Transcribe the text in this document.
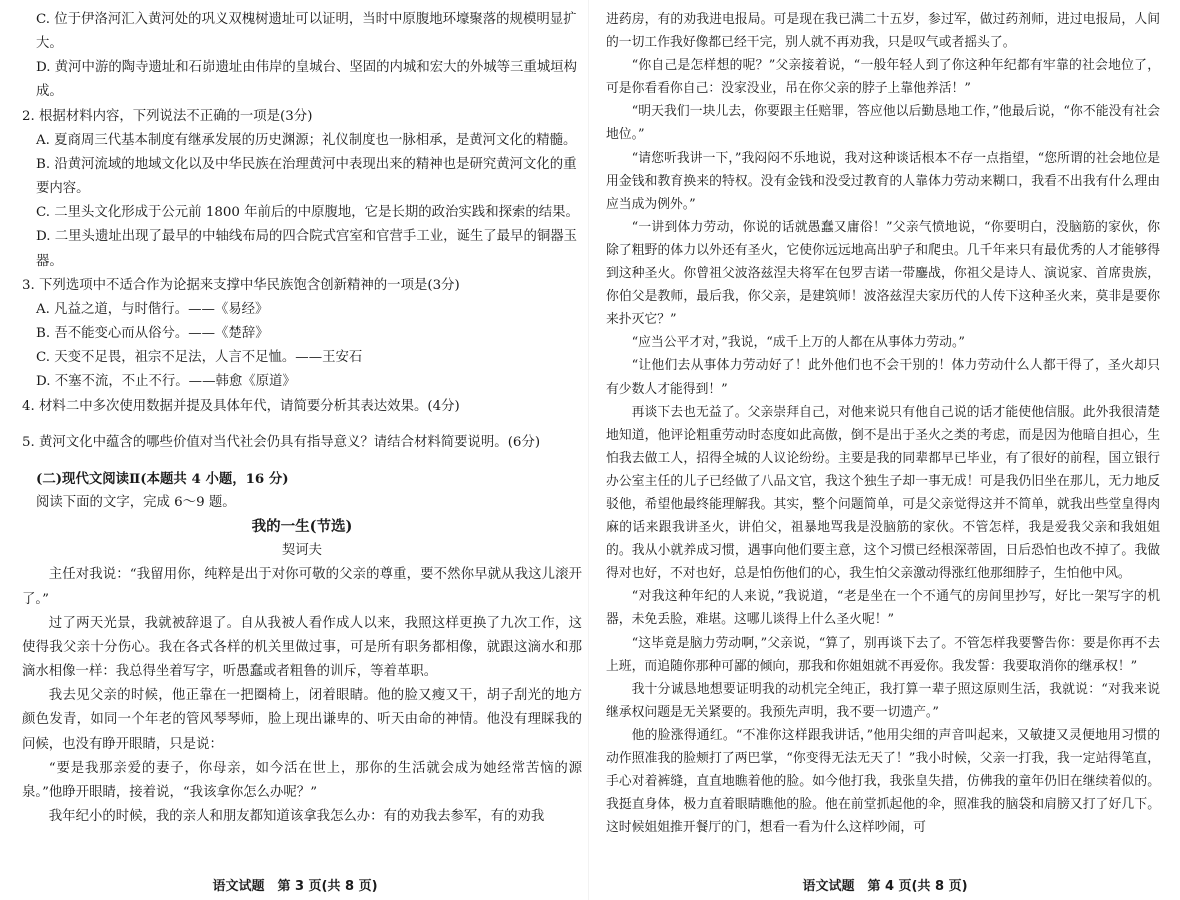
C. 位于伊洛河汇入黄河处的巩义双槐树遗址可以证明，当时中原腹地环壕聚落的规模明显扩大。

D. 黄河中游的陶寺遗址和石峁遗址由伟岸的皇城台、坚固的内城和宏大的外城等三重城垣构成。

2. 根据材料内容，下列说法不正确的一项是(3分)

A. 夏商周三代基本制度有继承发展的历史渊源；礼仪制度也一脉相承，是黄河文化的精髓。

B. 沿黄河流域的地域文化以及中华民族在治理黄河中表现出来的精神也是研究黄河文化的重要内容。

C. 二里头文化形成于公元前 1800 年前后的中原腹地，它是长期的政治实践和探索的结果。

D. 二里头遗址出现了最早的中轴线布局的四合院式宫室和官营手工业，诞生了最早的铜器玉器。

3. 下列选项中不适合作为论据来支撑中华民族饱含创新精神的一项是(3分)

A. 凡益之道，与时偕行。——《易经》

B. 吾不能变心而从俗兮。——《楚辞》

C. 天变不足畏，祖宗不足法，人言不足恤。——王安石

D. 不塞不流，不止不行。——韩愈《原道》

4. 材料二中多次使用数据并提及具体年代，请简要分析其表达效果。(4分)

5. 黄河文化中蕴含的哪些价值对当代社会仍具有指导意义？请结合材料简要说明。(6分)

(二)现代文阅读Ⅱ(本题共 4 小题，16 分)

阅读下面的文字，完成 6～9 题。

我的一生(节选)

契诃夫

主任对我说：“我留用你，纯粹是出于对你可敬的父亲的尊重，要不然你早就从我这儿滚开了。”

过了两天光景，我就被辞退了。自从我被人看作成人以来，我照这样更换了九次工作，这使得我父亲十分伤心。我在各式各样的机关里做过事，可是所有职务都相像，就跟这滴水和那滴水相像一样：我总得坐着写字，听愚蠢或者粗鲁的训斥，等着革职。

我去见父亲的时候，他正靠在一把圈椅上，闭着眼睛。他的脸又瘦又干，胡子刮光的地方颜色发青，如同一个年老的管风琴琴师，脸上现出谦卑的、听天由命的神情。他没有理睬我的问候，也没有睁开眼睛，只是说：

“要是我那亲爱的妻子，你母亲，如今活在世上，那你的生活就会成为她经常苦恼的源泉。”他睁开眼睛，接着说，“我该拿你怎么办呢？”

我年纪小的时候，我的亲人和朋友都知道该拿我怎么办：有的劝我去参军，有的劝我

语文试题　第 3 页(共 8 页)

进药房，有的劝我进电报局。可是现在我已满二十五岁，参过军，做过药剂师，进过电报局，人间的一切工作我好像都已经干完，别人就不再劝我，只是叹气或者摇头了。

“你自己是怎样想的呢？”父亲接着说，“一般年轻人到了你这种年纪都有牢靠的社会地位了，可是你看看你自己：没家没业，吊在你父亲的脖子上靠他养活！”

“明天我们一块儿去，你要跟主任赔罪，答应他以后勤恳地工作，”他最后说，“你不能没有社会地位。”

“请您听我讲一下，”我闷闷不乐地说，我对这种谈话根本不存一点指望，“您所谓的社会地位是用金钱和教育换来的特权。没有金钱和没受过教育的人靠体力劳动来糊口，我看不出我有什么理由应当成为例外。”

“一讲到体力劳动，你说的话就愚蠢又庸俗！”父亲气愤地说，“你要明白，没脑筋的家伙，你除了粗野的体力以外还有圣火，它使你远远地高出驴子和爬虫。几千年来只有最优秀的人才能够得到这种圣火。你曾祖父波洛兹涅夫将军在包罗吉诺一带鏖战，你祖父是诗人、演说家、首席贵族，你伯父是教师，最后我，你父亲，是建筑师！波洛兹涅夫家历代的人传下这种圣火来，莫非是要你来扑灭它？”

“应当公平才对，”我说，“成千上万的人都在从事体力劳动。”

“让他们去从事体力劳动好了！此外他们也不会干别的！体力劳动什么人都干得了，圣火却只有少数人才能得到！”

再谈下去也无益了。父亲崇拜自己，对他来说只有他自己说的话才能使他信服。此外我很清楚地知道，他评论粗重劳动时态度如此高傲，倒不是出于圣火之类的考虑，而是因为他暗自担心，生怕我去做工人，招得全城的人议论纷纷。主要是我的同辈都早已毕业，有了很好的前程，国立银行办公室主任的儿子已经做了八品文官，我这个独生子却一事无成！可是我仍旧坐在那儿，无力地反驳他，希望他最终能理解我。其实，整个问题简单，可是父亲觉得这并不简单，就我出些堂皇得肉麻的话来跟我讲圣火，讲伯父，祖暴地骂我是没脑筋的家伙。不管怎样，我是爱我父亲和我姐姐的。我从小就养成习惯，遇事向他们要主意，这个习惯已经根深蒂固，日后恐怕也改不掉了。我做得对也好，不对也好，总是怕伤他们的心，我生怕父亲激动得涨红他那细脖子，生怕他中风。

“对我这种年纪的人来说，”我说道，“老是坐在一个不通气的房间里抄写，好比一架写字的机器，未免丢脸，难堪。这哪儿谈得上什么圣火呢！”

“这毕竟是脑力劳动啊，”父亲说，“算了，别再谈下去了。不管怎样我要警告你：要是你再不去上班，而追随你那种可鄙的倾向，那我和你姐姐就不再爱你。我发誓：我要取消你的继承权！”

我十分诚恳地想要证明我的动机完全纯正，我打算一辈子照这原则生活，我就说：“对我来说继承权问题是无关紧要的。我预先声明，我不要一切遗产。”

他的脸涨得通红。“不准你这样跟我讲话，”他用尖细的声音叫起来，又敏捷又灵便地用习惯的动作照准我的脸颊打了两巴掌，“你变得无法无天了！”我小时候，父亲一打我，我一定站得笔直，手心对着裤缝，直直地瞧着他的脸。如今他打我，我张皇失措，仿佛我的童年仍旧在继续着似的。我挺直身体，极力直着眼睛瞧他的脸。他在前堂抓起他的伞，照准我的脑袋和肩膀又打了好几下。这时候姐姐推开餐厅的门，想看一看为什么这样吵闹，可

语文试题　第 4 页(共 8 页)
